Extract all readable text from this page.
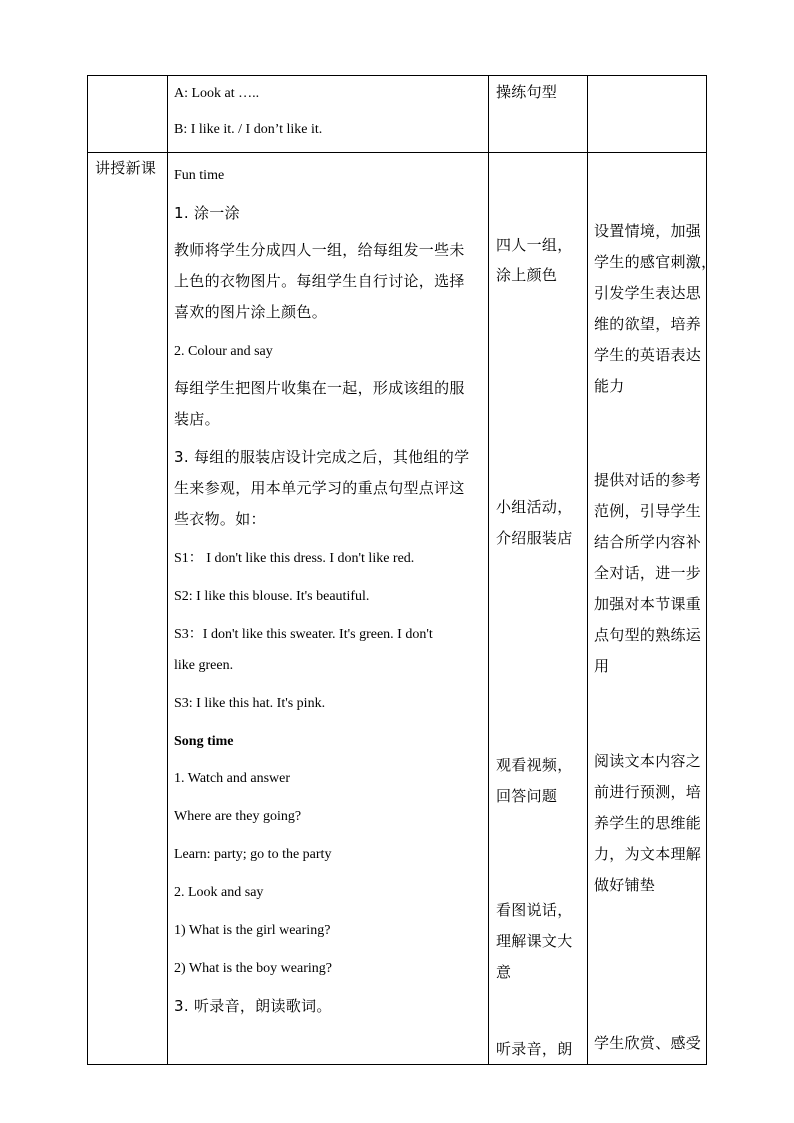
A: Look at …..
B: I like it. / I don’t like it.
操练句型
讲授新课 Fun time
1. 涂一涂
教师将学生分成四人一组，给每组发一些未
上色的衣物图片。每组学生自行讨论，选择
喜欢的图片涂上颜色。
2. Colour and say
每组学生把图片收集在一起，形成该组的服
装店。
3. 每组的服装店设计完成之后，其他组的学
生来参观，用本单元学习的重点句型点评这
些衣物。如：
S1： I don't like this dress. I don't like red.
S2: I like this blouse. It's beautiful.
S3：I don't like this sweater. It's green. I don't
like green.
S3: I like this hat. It's pink.
Song time
1. Watch and answer
Where are they going?
Learn: party; go to the party
2. Look and say
1) What is the girl wearing?
2) What is the boy wearing?
3. 听录音，朗读歌词。
四人一组，
涂上颜色
小组活动，
介绍服装店
观看视频，
回答问题
看图说话，
理解课文大
意
听录音，朗
设置情境，加强
学生的感官刺激，
引发学生表达思
维的欲望，培养
学生的英语表达
能力
提供对话的参考
范例，引导学生
结合所学内容补
全对话，进一步
加强对本节课重
点句型的熟练运
用
阅读文本内容之
前进行预测，培
养学生的思维能
力，为文本理解
做好铺垫
学生欣赏、感受
